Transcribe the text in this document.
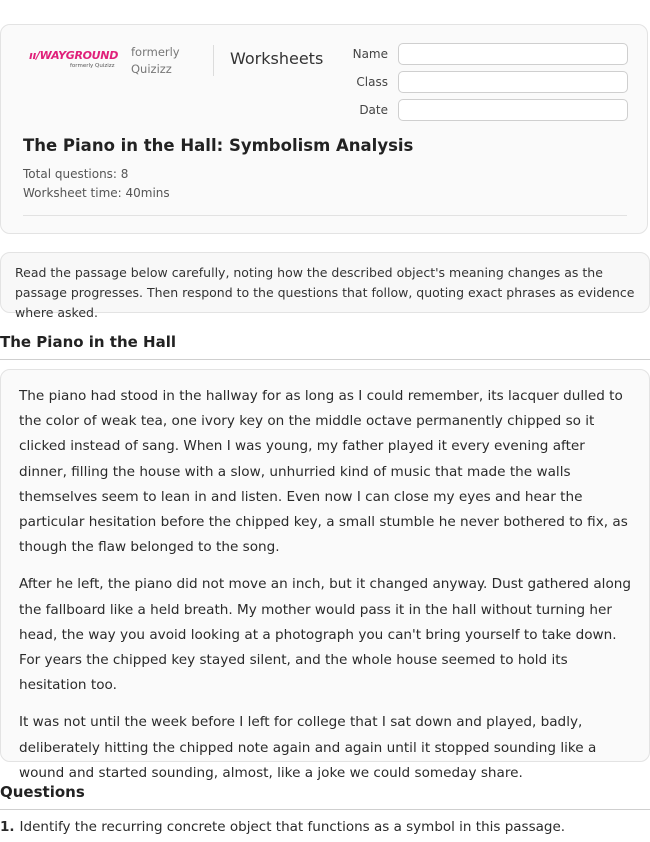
ıı/WAYGROUND
formerly Quizizz
formerly Quizizz
Worksheets	Name
Class
Date
The Piano in the Hall: Symbolism Analysis
Total questions: 8
Worksheet time: 40mins
Read the passage below carefully, noting how the described object's meaning changes as the passage progresses. Then respond to the questions that follow, quoting exact phrases as evidence where asked.
The Piano in the Hall

The piano had stood in the hallway for as long as I could remember, its lacquer dulled to the color of weak tea, one ivory key on the middle octave permanently chipped so it clicked instead of sang. When I was young, my father played it every evening after dinner, filling the house with a slow, unhurried kind of music that made the walls themselves seem to lean in and listen. Even now I can close my eyes and hear the particular hesitation before the chipped key, a small stumble he never bothered to fix, as though the flaw belonged to the song.

After he left, the piano did not move an inch, but it changed anyway. Dust gathered along the fallboard like a held breath. My mother would pass it in the hall without turning her head, the way you avoid looking at a photograph you can't bring yourself to take down. For years the chipped key stayed silent, and the whole house seemed to hold its hesitation too.

It was not until the week before I left for college that I sat down and played, badly, deliberately hitting the chipped note again and again until it stopped sounding like a wound and started sounding, almost, like a joke we could someday share.

Questions
1. Identify the recurring concrete object that functions as a symbol in this passage.
